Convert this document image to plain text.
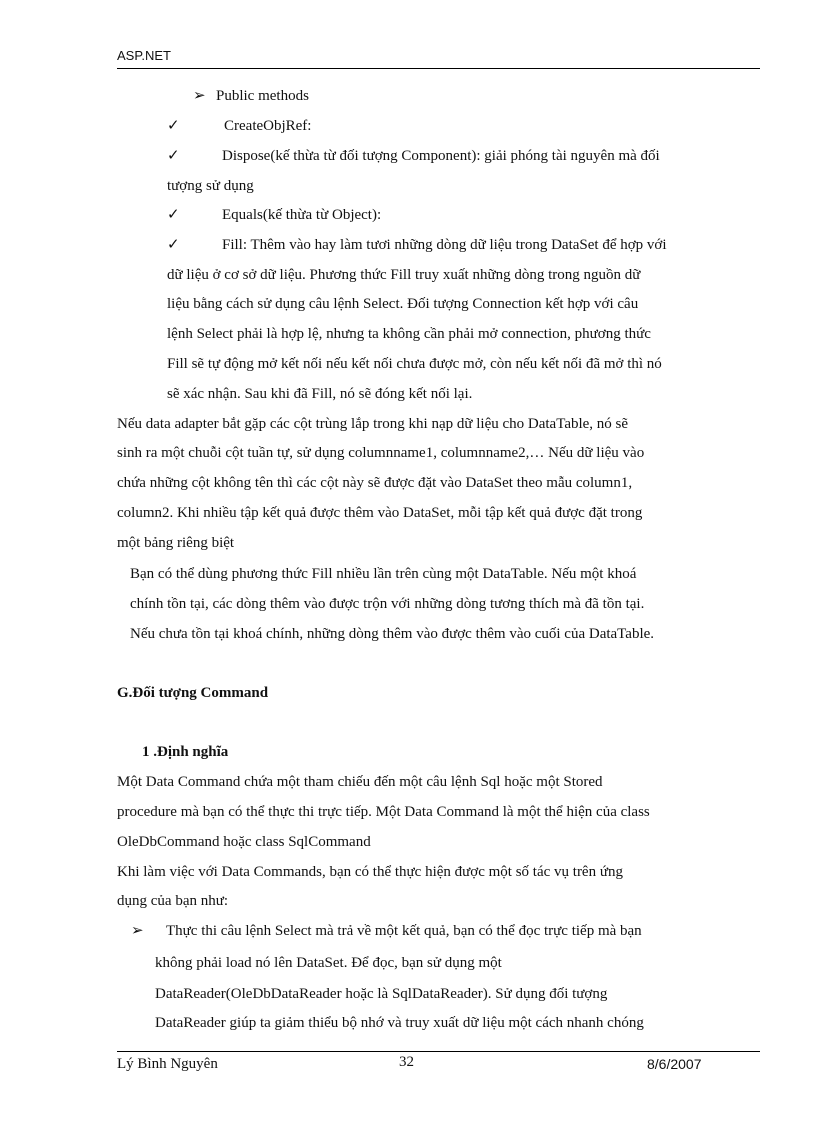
ASP.NET
➢ Public methods
✓	CreateObjRef:
✓	Dispose(kế thừa từ đối tượng Component): giải phóng tài nguyên mà đối
tượng sử dụng
✓	Equals(kế thừa từ Object):
✓	Fill: Thêm vào hay làm tươi những dòng dữ liệu trong DataSet để hợp với
dữ liệu ở cơ sở dữ liệu. Phương thức Fill truy xuất những dòng trong nguồn dữ
liệu bằng cách sử dụng câu lệnh Select. Đối tượng Connection kết hợp với câu
lệnh Select phải là hợp lệ, nhưng ta không cần phải mở connection, phương thức
Fill sẽ tự động mở kết nối nếu kết nối chưa được mở, còn nếu kết nối đã mở thì nó
sẽ xác nhận. Sau khi đã Fill, nó sẽ đóng kết nối lại.
Nếu data adapter bắt gặp các cột trùng lắp trong khi nạp dữ liệu cho DataTable, nó sẽ
sinh ra một chuỗi cột tuần tự, sử dụng columnname1, columnname2,… Nếu dữ liệu vào
chứa những cột không tên thì các cột này sẽ được đặt vào DataSet theo mẫu column1,
column2. Khi nhiều tập kết quả được thêm vào DataSet, mỗi tập kết quả được đặt trong
một bảng riêng biệt
Bạn có thể dùng phương thức Fill nhiều lần trên cùng một DataTable. Nếu một khoá
chính tồn tại, các dòng thêm vào được trộn với những dòng tương thích mà đã tồn tại.
Nếu chưa tồn tại khoá chính, những dòng thêm vào được thêm vào cuối của DataTable.
G.Đối tượng Command
1 .Định nghĩa
Một Data Command chứa một tham chiếu đến một câu lệnh Sql hoặc một Stored
procedure mà bạn có thể thực thi trực tiếp. Một Data Command là một thể hiện của class
OleDbCommand hoặc class SqlCommand
Khi làm việc với Data Commands, bạn có thể thực hiện được một số tác vụ trên ứng
dụng của bạn như:
➢ Thực thi câu lệnh Select mà trả về một kết quả, bạn có thể đọc trực tiếp mà bạn
không phải load nó lên DataSet. Để đọc, bạn sử dụng một
DataReader(OleDbDataReader hoặc là SqlDataReader). Sử dụng đối tượng
DataReader giúp ta giảm thiểu bộ nhớ và truy xuất dữ liệu một cách nhanh chóng
Lý Bình Nguyên	32	8/6/2007
